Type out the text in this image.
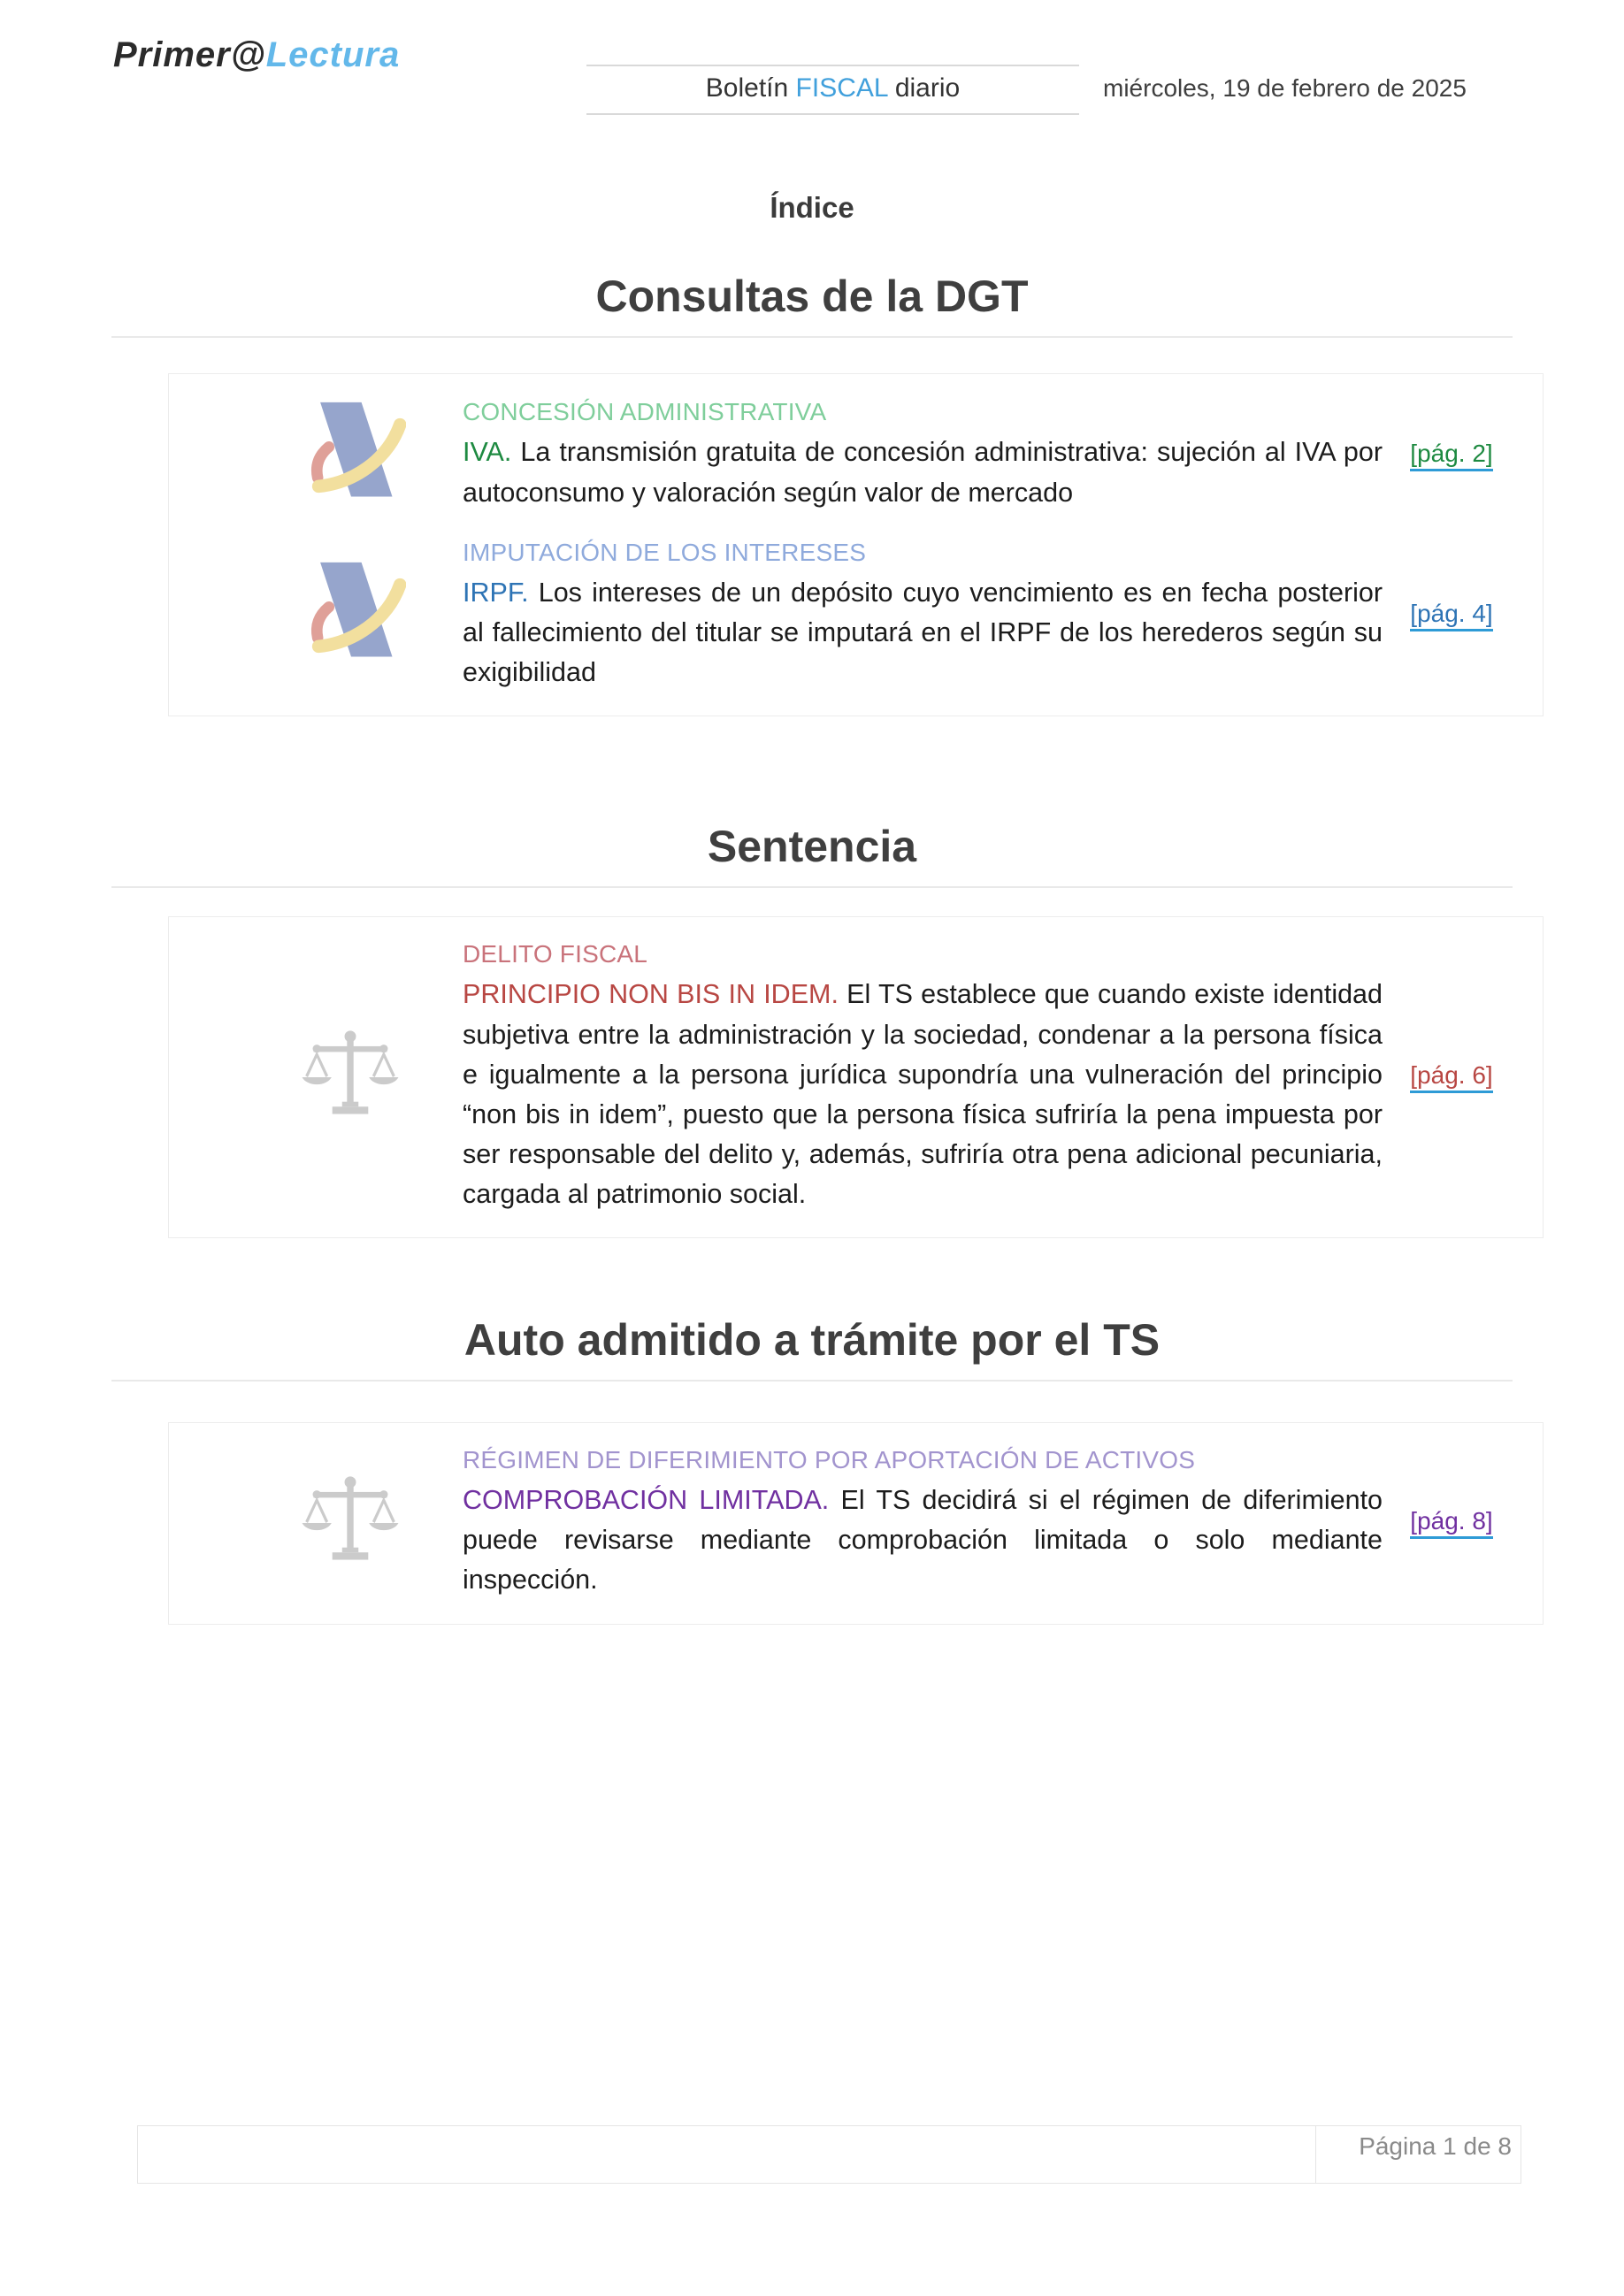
Primer@Lectura
Boletín FISCAL diario	miércoles, 19 de febrero de 2025
Índice
Consultas de la DGT
CONCESIÓN ADMINISTRATIVA
IVA. La transmisión gratuita de concesión administrativa: sujeción al IVA por autoconsumo y valoración según valor de mercado
[pág. 2]
IMPUTACIÓN DE LOS INTERESES
IRPF. Los intereses de un depósito cuyo vencimiento es en fecha posterior al fallecimiento del titular se imputará en el IRPF de los herederos según su exigibilidad
[pág. 4]
Sentencia
DELITO FISCAL
PRINCIPIO NON BIS IN IDEM. El TS establece que cuando existe identidad subjetiva entre la administración y la sociedad, condenar a la persona física e igualmente a la persona jurídica supondría una vulneración del principio “non bis in idem”, puesto que la persona física sufriría la pena impuesta por ser responsable del delito y, además, sufriría otra pena adicional pecuniaria, cargada al patrimonio social.
[pág. 6]
Auto admitido a trámite por el TS
RÉGIMEN DE DIFERIMIENTO POR APORTACIÓN DE ACTIVOS
COMPROBACIÓN LIMITADA. El TS decidirá si el régimen de diferimiento puede revisarse mediante comprobación limitada o solo mediante inspección.
[pág. 8]
Página 1 de 8
